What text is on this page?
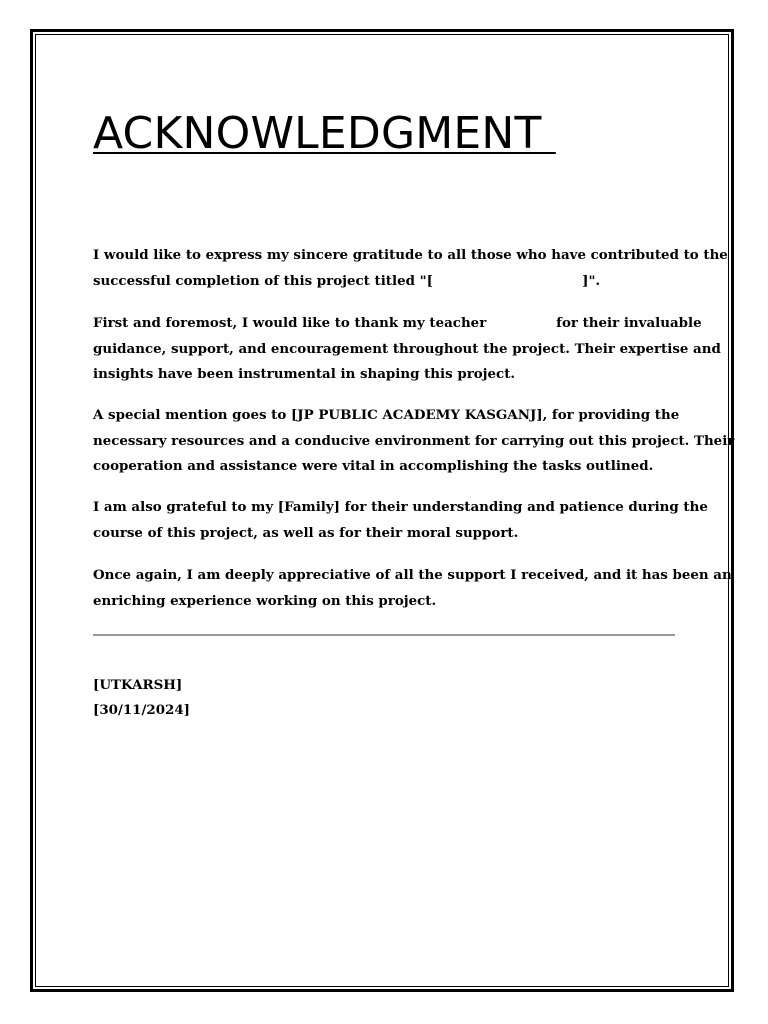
ACKNOWLEDGMENT

I would like to express my sincere gratitude to all those who have contributed to the
successful completion of this project titled "[                                ]".

First and foremost, I would like to thank my teacher               for their invaluable
guidance, support, and encouragement throughout the project. Their expertise and
insights have been instrumental in shaping this project.

A special mention goes to [JP PUBLIC ACADEMY KASGANJ], for providing the
necessary resources and a conducive environment for carrying out this project. Their
cooperation and assistance were vital in accomplishing the tasks outlined.

I am also grateful to my [Family] for their understanding and patience during the
course of this project, as well as for their moral support.

Once again, I am deeply appreciative of all the support I received, and it has been an
enriching experience working on this project.

[UTKARSH]

[30/11/2024]
